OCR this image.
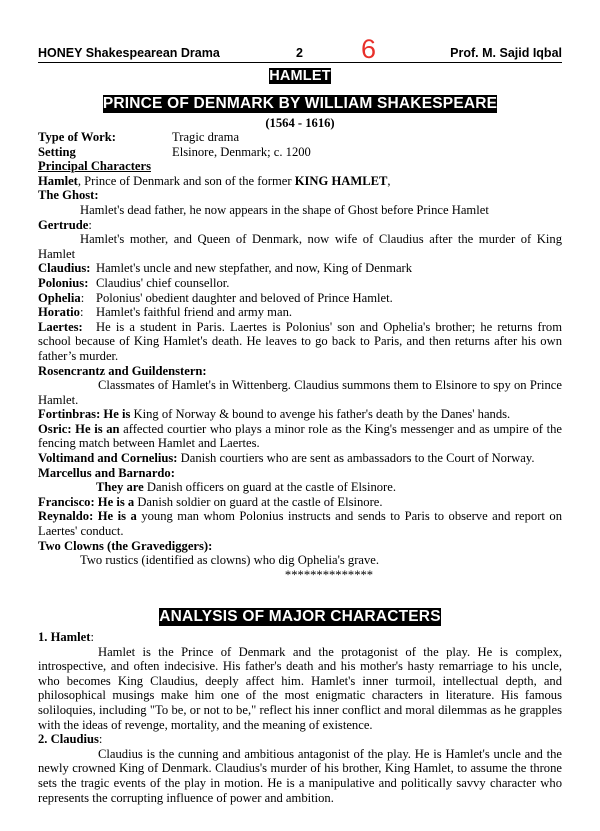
HONEY Shakespearean Drama	2 6	Prof. M. Sajid Iqbal
HAMLET
PRINCE OF DENMARK BY WILLIAM SHAKESPEARE
(1564 - 1616)

Type of Work:	Tragic drama

Setting	Elsinore, Denmark; c. 1200

Principal Characters

Hamlet, Prince of Denmark and son of the former KING HAMLET,

The Ghost:

Hamlet's dead father, he now appears in the shape of Ghost before Prince Hamlet

Gertrude:

Hamlet's mother, and Queen of Denmark, now wife of Claudius after the murder of King Hamlet

Claudius: Hamlet's uncle and new stepfather, and now, King of Denmark

Polonius: Claudius' chief counsellor.

Ophelia: Polonius' obedient daughter and beloved of Prince Hamlet.

Horatio: Hamlet's faithful friend and army man.

Laertes: He is a student in Paris. Laertes is Polonius' son and Ophelia's brother; he returns from school because of King Hamlet's death. He leaves to go back to Paris, and then returns after his own father’s murder.

Rosencrantz and Guildenstern:

Classmates of Hamlet's in Wittenberg. Claudius summons them to Elsinore to spy on Prince Hamlet.

Fortinbras: He is King of Norway & bound to avenge his father's death by the Danes' hands.

Osric: He is an affected courtier who plays a minor role as the King's messenger and as umpire of the fencing match between Hamlet and Laertes.

Voltimand and Cornelius: Danish courtiers who are sent as ambassadors to the Court of Norway.

Marcellus and Barnardo:

They are Danish officers on guard at the castle of Elsinore.

Francisco: He is a Danish soldier on guard at the castle of Elsinore.

Reynaldo: He is a young man whom Polonius instructs and sends to Paris to observe and report on Laertes' conduct.

Two Clowns (the Gravediggers):

Two rustics (identified as clowns) who dig Ophelia's grave.

**************

ANALYSIS OF MAJOR CHARACTERS

1. Hamlet:

Hamlet is the Prince of Denmark and the protagonist of the play. He is complex, introspective, and often indecisive. His father's death and his mother's hasty remarriage to his uncle, who becomes King Claudius, deeply affect him. Hamlet's inner turmoil, intellectual depth, and philosophical musings make him one of the most enigmatic characters in literature. His famous soliloquies, including "To be, or not to be," reflect his inner conflict and moral dilemmas as he grapples with the ideas of revenge, mortality, and the meaning of existence.

2. Claudius:

Claudius is the cunning and ambitious antagonist of the play. He is Hamlet's uncle and the newly crowned King of Denmark. Claudius's murder of his brother, King Hamlet, to assume the throne sets the tragic events of the play in motion. He is a manipulative and politically savvy character who represents the corrupting influence of power and ambition.
